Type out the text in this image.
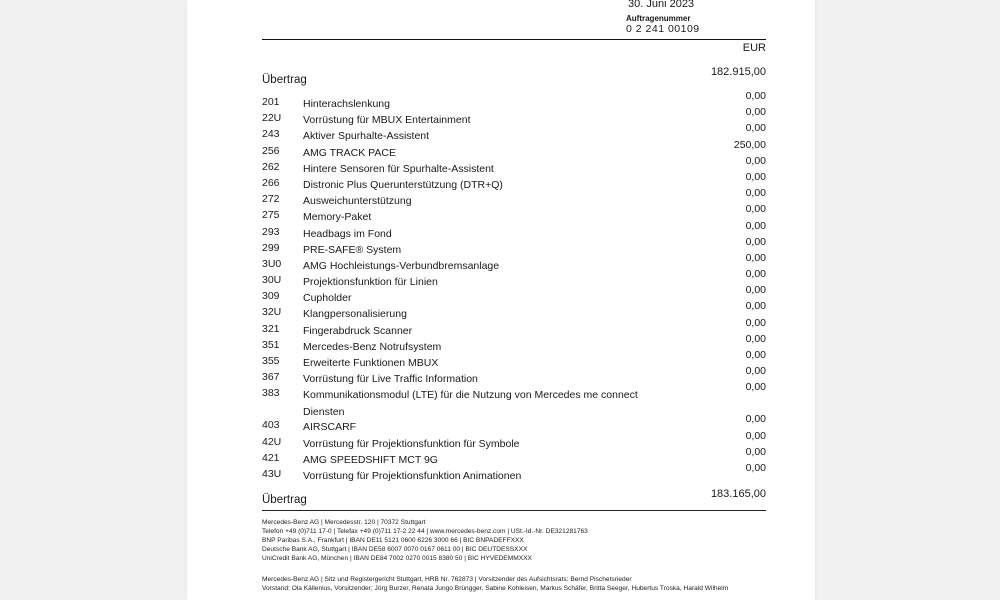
30. Juni 2023
Auftragenummer
0 2 241 00109
EUR
182.915,00
Übertrag
201 Hinterachslenkung
0,00
22U Vorrüstung für MBUX Entertainment
0,00
243 Aktiver Spurhalte-Assistent
0,00
256 AMG TRACK PACE
250,00
262 Hintere Sensoren für Spurhalte-Assistent
0,00
266 Distronic Plus Querunterstützung (DTR+Q)
0,00
272 Ausweichunterstützung
0,00
275 Memory-Paket
0,00
293 Headbags im Fond
0,00
299 PRE-SAFE® System
0,00
3U0 AMG Hochleistungs-Verbundbremsanlage
0,00
30U Projektionsfunktion für Linien
0,00
309 Cupholder
0,00
32U Klangpersonalisierung
0,00
321 Fingerabdruck Scanner
0,00
351 Mercedes-Benz Notrufsystem
0,00
355 Erweiterte Funktionen MBUX
0,00
367 Vorrüstung für Live Traffic Information
0,00
383 Kommunikationsmodul (LTE) für die Nutzung von Mercedes me connect Diensten
0,00
403 AIRSCARF
0,00
42U Vorrüstung für Projektionsfunktion für Symbole
0,00
421 AMG SPEEDSHIFT MCT 9G
0,00
43U Vorrüstung für Projektionsfunktion Animationen
0,00
183.165,00
Übertrag
Mercedes-Benz AG | Mercedesstr. 120 | 70372 Stuttgart
Telefon +49 (0)711 17-0 | Telefax +49 (0)711 17-2 22 44 | www.mercedes-benz.com | USt.-Id.-Nr. DE321281763
BNP Paribas S.A., Frankfurt | IBAN DE11 5121 0600 6226 3000 66 | BIC BNPADEFFXXX
Deutsche Bank AG, Stuttgart | IBAN DE58 6007 0070 0167 0611 00 | BIC DEUTDESSXXX
UniCredit Bank AG, München | IBAN DE84 7002 0270 0015 8380 50 | BIC HYVEDEMMXXX
Mercedes-Benz AG | Sitz und Registergericht Stuttgart, HRB Nr. 762873 | Vorsitzender des Aufsichtsrats: Bernd Pischetsrieder
Vorstand: Ola Källenius, Vorsitzender; Jörg Burzer, Renata Jungo Brüngger, Sabine Kohleisen, Markus Schäfer, Britta Seeger, Hubertus Troska, Harald Wilhelm
